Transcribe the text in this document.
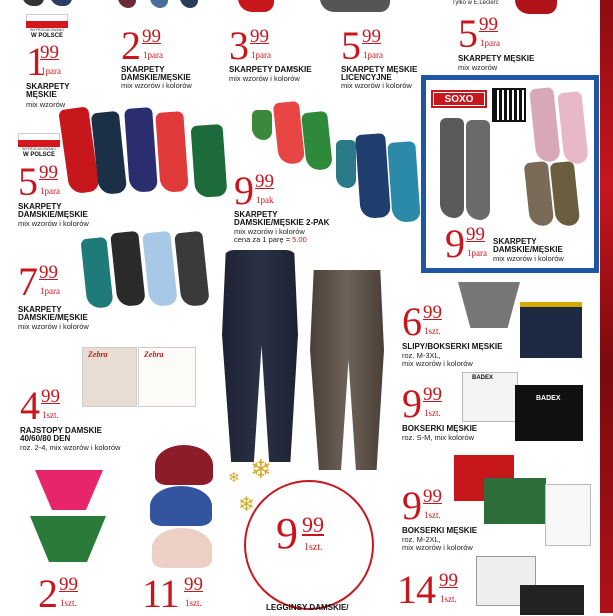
Tylko w E.Leclerc
WYPRODUKOWANO
W POLSCE
1
99
1para
SKARPETY
MĘSKIE
mix wzorów
2 99
1para
SKARPETY
DAMSKIE/MĘSKIE
mix wzorów i kolorów
3 99
1para
SKARPETY DAMSKIE
mix wzorów i kolorów
5 99
1para
SKARPETY MĘSKIE
LICENCYJNE
mix wzorów i kolorów
5 99
1para
SKARPETY MĘSKIE
mix wzorów
WYPRODUKOWANO
W POLSCE
5 99
1para
SKARPETY
DAMSKIE/MĘSKIE
mix wzorów i kolorów
9 99
1pak
SKARPETY
DAMSKIE/MĘSKIE 2-PAK
mix wzorów i kolorów
cena za 1 parę = 5.00
SOXO
9 99
1para
SKARPETY
DAMSKIE/MĘSKIE
mix wzorów i kolorów
7 99
1para
SKARPETY
DAMSKIE/MĘSKIE
mix wzorów i kolorów	6 99
1szt.
SLIPY/BOKSERKI MĘSKIE
roz. M-3XL,
mix wzorów i kolorów
Zebra	Zebra
4 99
1szt.
RAJSTOPY DAMSKIE
40/60/80 DEN
roz. 2-4, mix wzorów i kolorów
BADEX
BADEX
9 99
1szt.
BOKSERKI MĘSKIE
roz. S-M, mix kolorów
❄
❄
❄
9 99
1szt.
LEGGINSY DAMSKIE/
9 99
1szt.
BOKSERKI MĘSKIE
roz. M-2XL,
mix wzorów i kolorów
2 99
1szt. 11 99
1szt.	14 99
1szt.
